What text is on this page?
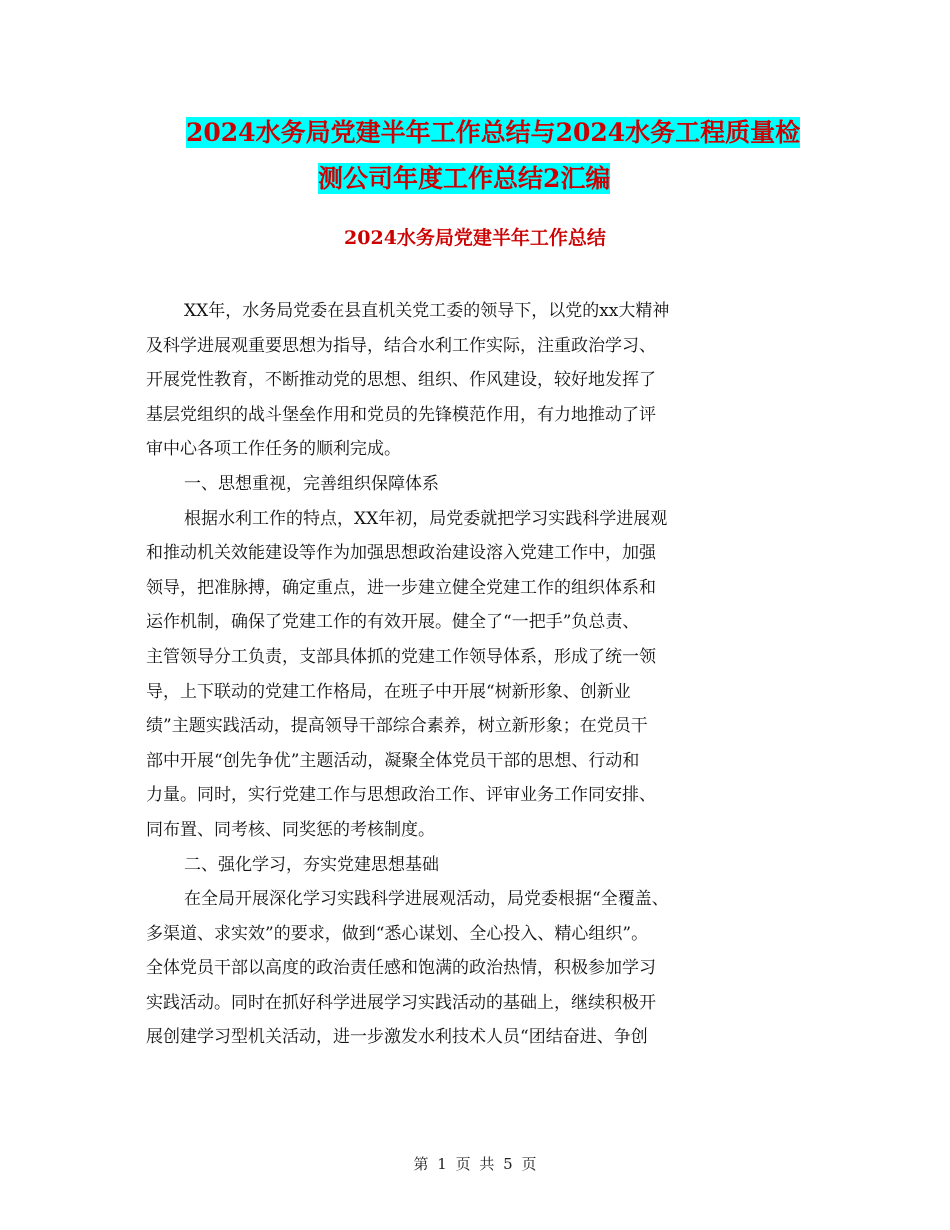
2024水务局党建半年工作总结与2024水务工程质量检
测公司年度工作总结2汇编
2024水务局党建半年工作总结
XX年，水务局党委在县直机关党工委的领导下，以党的xx大精神
及科学进展观重要思想为指导，结合水利工作实际，注重政治学习、
开展党性教育，不断推动党的思想、组织、作风建设，较好地发挥了
基层党组织的战斗堡垒作用和党员的先锋模范作用，有力地推动了评
审中心各项工作任务的顺利完成。
一、思想重视，完善组织保障体系
根据水利工作的特点，XX年初，局党委就把学习实践科学进展观
和推动机关效能建设等作为加强思想政治建设溶入党建工作中，加强
领导，把准脉搏，确定重点，进一步建立健全党建工作的组织体系和
运作机制，确保了党建工作的有效开展。健全了“一把手”负总责、
主管领导分工负责，支部具体抓的党建工作领导体系，形成了统一领
导，上下联动的党建工作格局，在班子中开展“树新形象、创新业
绩”主题实践活动，提高领导干部综合素养，树立新形象；在党员干
部中开展“创先争优”主题活动，凝聚全体党员干部的思想、行动和
力量。同时，实行党建工作与思想政治工作、评审业务工作同安排、
同布置、同考核、同奖惩的考核制度。
二、强化学习，夯实党建思想基础
在全局开展深化学习实践科学进展观活动，局党委根据“全覆盖、
多渠道、求实效”的要求，做到“悉心谋划、全心投入、精心组织”。
全体党员干部以高度的政治责任感和饱满的政治热情，积极参加学习
实践活动。同时在抓好科学进展学习实践活动的基础上，继续积极开
展创建学习型机关活动，进一步激发水利技术人员“团结奋进、争创
第 1 页 共 5 页
